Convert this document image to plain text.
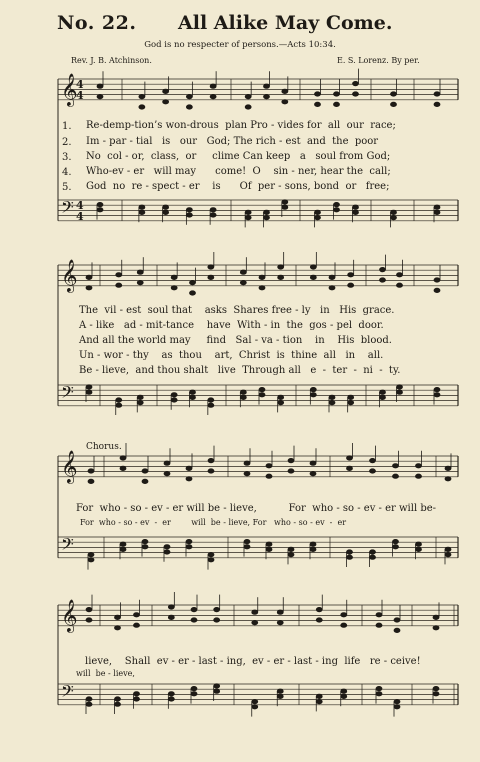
No. 22. All Alike May Come.
God is no respecter of persons.—Acts 10:34.
Rev. J. B. Atchinson.	E. S. Lorenz. By per.
𝄞
𝄢
𝄞
𝄢
𝄞
𝄢
𝄞
𝄢
4
4
4
4
1. Re-demp-tion’s won-drous  plan Pro - vides for  all  our  race;
2. Im - par - tial   is   our   God; The rich - est  and  the  poor
3. No  col - or,  class,  or     clime Can keep   a   soul from God;
4. Who-ev - er   will may      come!  O    sin - ner, hear the  call;
5. God  no  re - spect - er    is      Of  per - sons, bond  or   free;
The  vil - est  soul that    asks  Shares free - ly   in   His  grace.
A - like   ad - mit-tance    have  With - in  the  gos - pel  door.
And all the world may     find   Sal - va - tion    in    His  blood.
Un - wor - thy    as  thou    art,  Christ  is  thine  all   in    all.
Be - lieve,  and thou shalt   live  Through all   e  -  ter  -  ni  -  ty.
Chorus.
For  who - so - ev - er will be - lieve,          For  who - so - ev - er will be-
For  who - so - ev  -  er        will  be - lieve, For   who - so - ev  -  er
lieve,    Shall  ev - er - last - ing,  ev - er - last - ing  life   re - ceive!
will  be - lieve,
